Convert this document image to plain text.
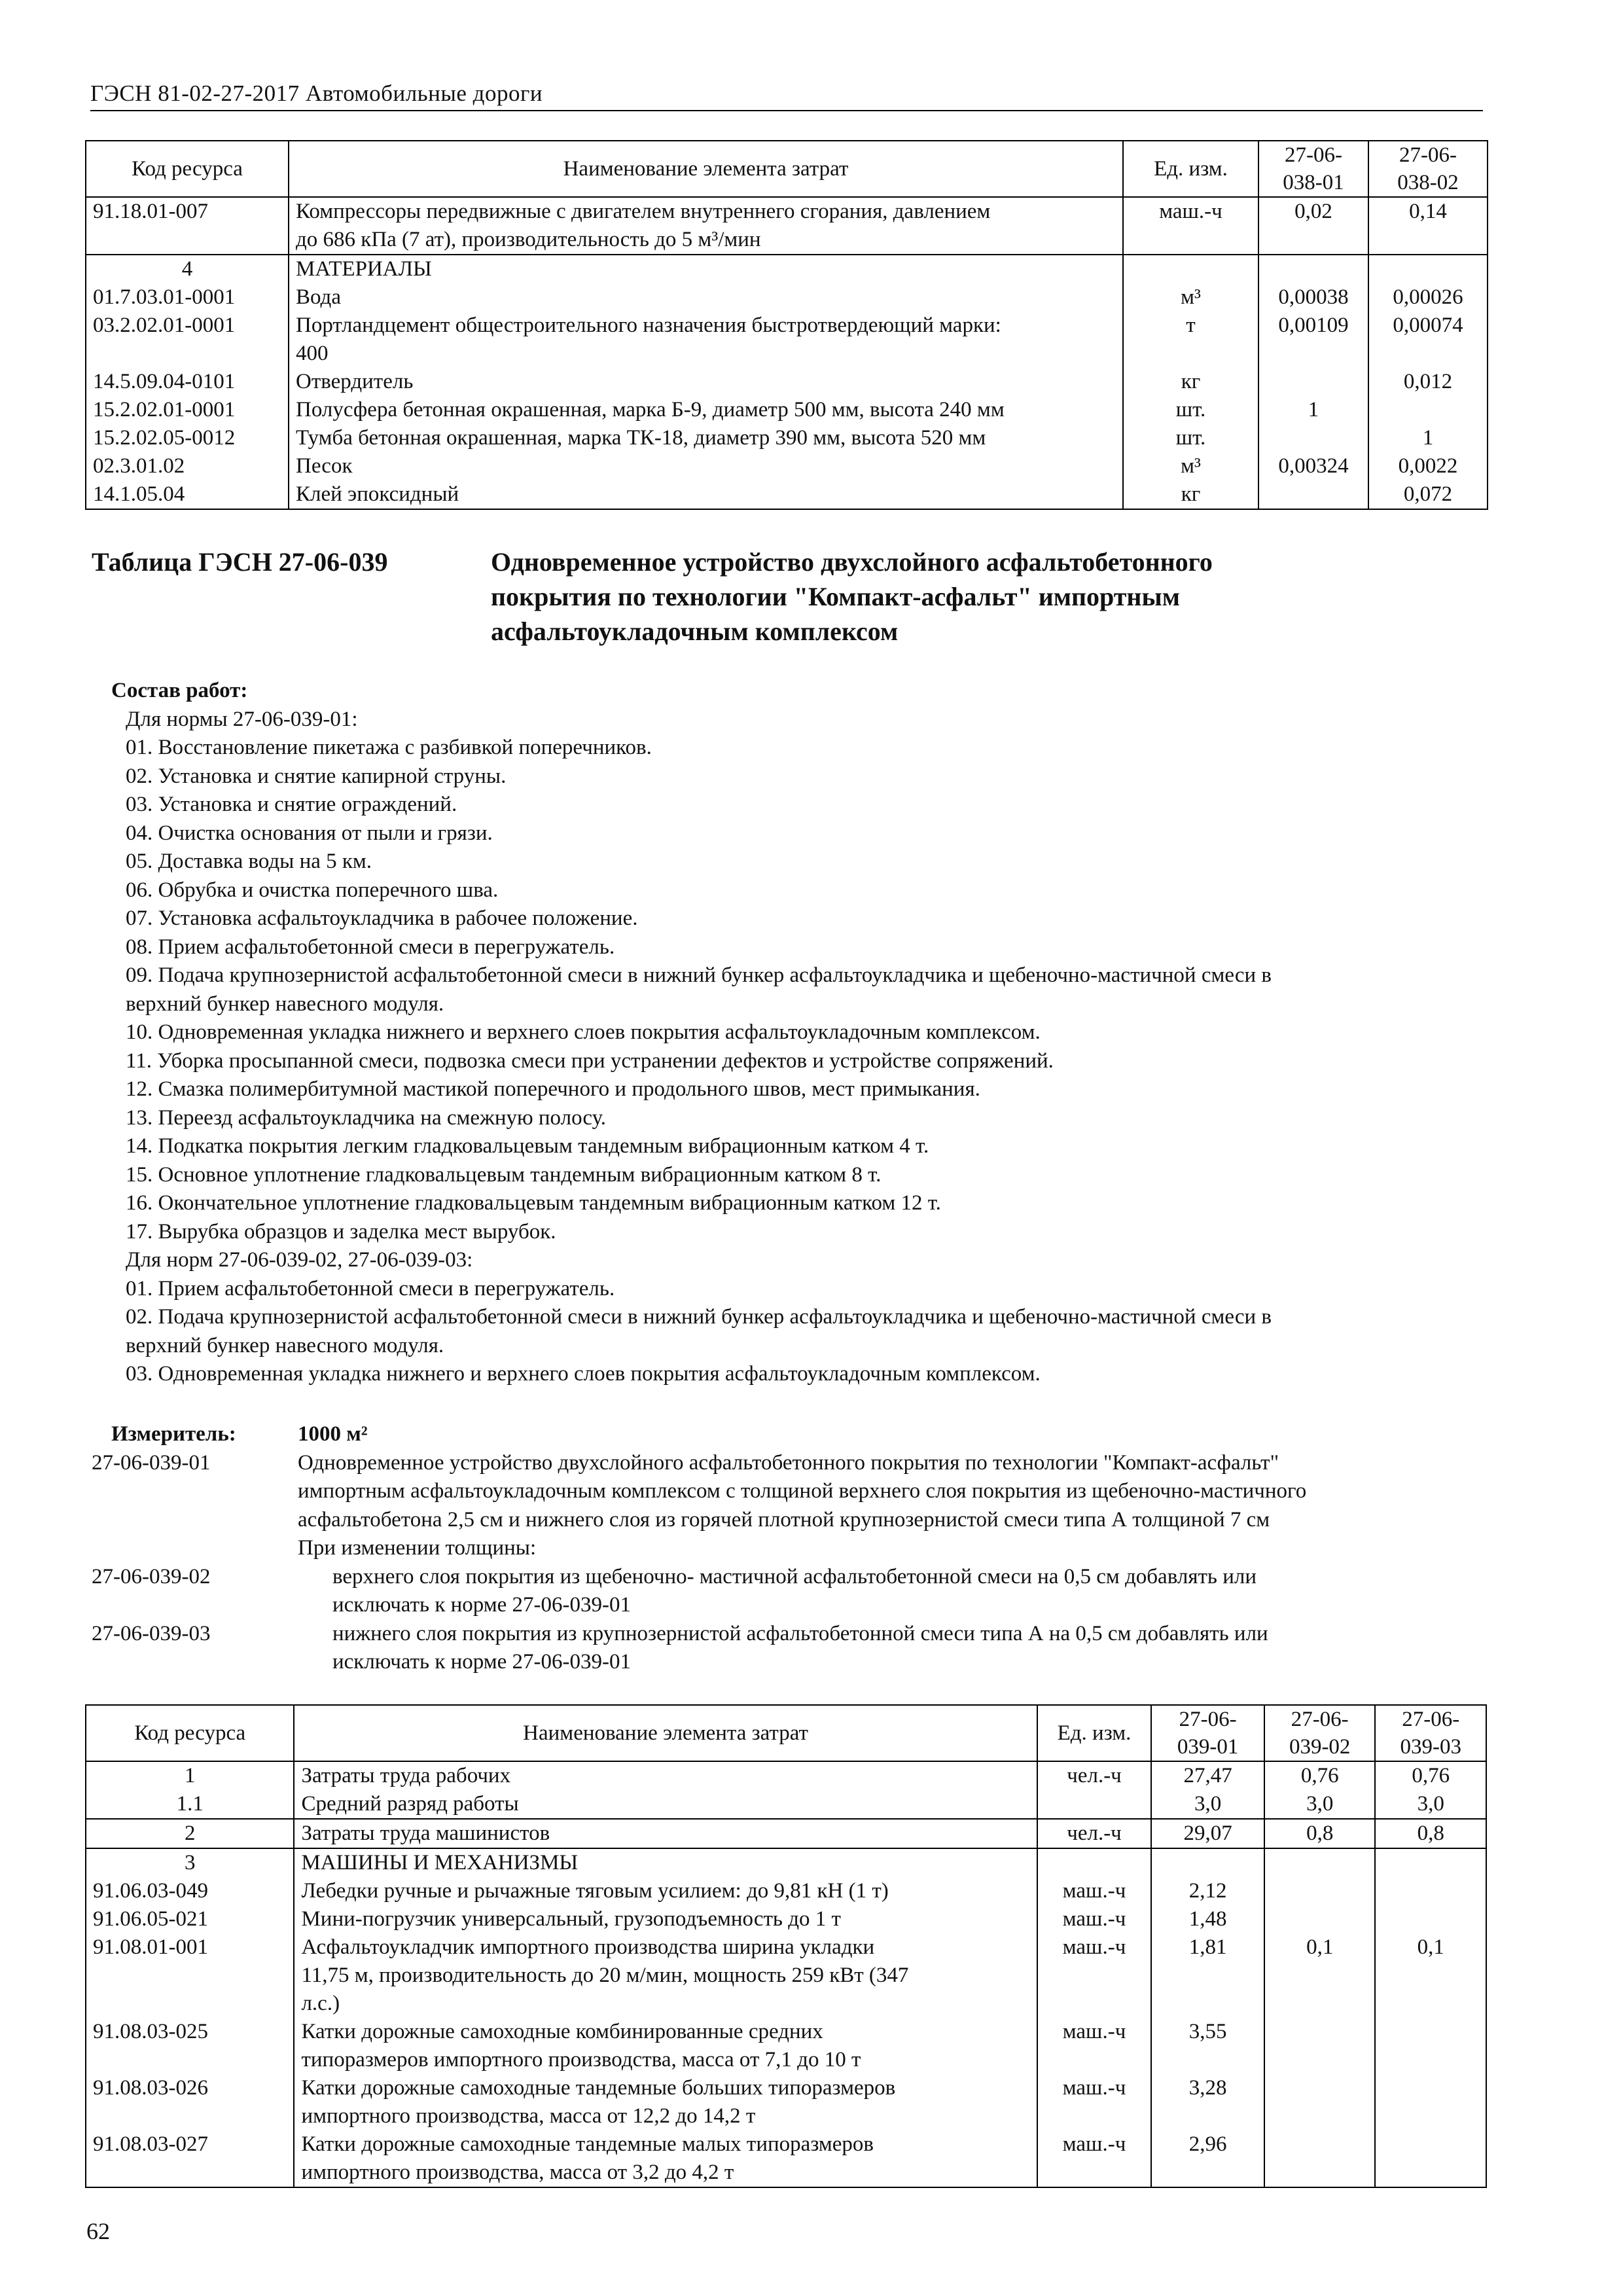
ГЭСН 81-02-27-2017 Автомобильные дороги
Код ресурса	Наименование элемента затрат	Ед. изм.	27-06-
038-01	27-06-
038-02
91.18.01-007	Компрессоры передвижные с двигателем внутреннего сгорания, давлением
до 686 кПа (7 ат), производительность до 5 м³/мин	маш.-ч	0,02	0,14
4	МАТЕРИАЛЫ			

01.7.03.01-0001	Вода	м³	0,00038	0,00026
03.2.02.01-0001	Портландцемент общестроительного назначения быстротвердеющий марки:
400	т	0,00109	0,00074
14.5.09.04-0101	Отвердитель	кг		0,012
15.2.02.01-0001	Полусфера бетонная окрашенная, марка Б-9, диаметр 500 мм, высота 240 мм	шт.	1	
15.2.02.05-0012	Тумба бетонная окрашенная, марка ТК-18, диаметр 390 мм, высота 520 мм	шт.		1
02.3.01.02	Песок	м³	0,00324	0,0022
14.1.05.04	Клей эпоксидный	кг		0,072
Таблица ГЭСН 27-06-039	Одновременное устройство двухслойного асфальтобетонного
покрытия по технологии "Компакт-асфальт" импортным
асфальтоукладочным комплексом
Состав работ:
Для нормы 27-06-039-01:
01. Восстановление пикетажа с разбивкой поперечников.
02. Установка и снятие капирной струны.
03. Установка и снятие ограждений.
04. Очистка основания от пыли и грязи.
05. Доставка воды на 5 км.
06. Обрубка и очистка поперечного шва.
07. Установка асфальтоукладчика в рабочее положение.
08. Прием асфальтобетонной смеси в перегружатель.
09. Подача крупнозернистой асфальтобетонной смеси в нижний бункер асфальтоукладчика и щебеночно-мастичной смеси в
верхний бункер навесного модуля.
10. Одновременная укладка нижнего и верхнего слоев покрытия асфальтоукладочным комплексом.
11. Уборка просыпанной смеси, подвозка смеси при устранении дефектов и устройстве сопряжений.
12. Смазка полимербитумной мастикой поперечного и продольного швов, мест примыкания.
13. Переезд асфальтоукладчика на смежную полосу.
14. Подкатка покрытия легким гладковальцевым тандемным вибрационным катком 4 т.
15. Основное уплотнение гладковальцевым тандемным вибрационным катком 8 т.
16. Окончательное уплотнение гладковальцевым тандемным вибрационным катком 12 т.
17. Вырубка образцов и заделка мест вырубок.
Для норм 27-06-039-02, 27-06-039-03:
01. Прием асфальтобетонной смеси в перегружатель.
02. Подача крупнозернистой асфальтобетонной смеси в нижний бункер асфальтоукладчика и щебеночно-мастичной смеси в
верхний бункер навесного модуля.
03. Одновременная укладка нижнего и верхнего слоев покрытия асфальтоукладочным комплексом.
Измеритель:	1000 м²
27-06-039-01	Одновременное устройство двухслойного асфальтобетонного покрытия по технологии "Компакт-асфальт"
импортным асфальтоукладочным комплексом с толщиной верхнего слоя покрытия из щебеночно-мастичного
асфальтобетона 2,5 см и нижнего слоя из горячей плотной крупнозернистой смеси типа А толщиной 7 см
При изменении толщины:
27-06-039-02	верхнего слоя покрытия из щебеночно- мастичной асфальтобетонной смеси на 0,5 см добавлять или
исключать к норме 27-06-039-01
27-06-039-03	нижнего слоя покрытия из крупнозернистой асфальтобетонной смеси типа А на 0,5 см добавлять или
исключать к норме 27-06-039-01
Код ресурса	Наименование элемента затрат	Ед. изм.	27-06-
039-01	27-06-
039-02	27-06-
039-03
1	Затраты труда рабочих	чел.-ч	27,47	0,76	0,76
1.1	Средний разряд работы		3,0	3,0	3,0
2	Затраты труда машинистов	чел.-ч	29,07	0,8	0,8
3	МАШИНЫ И МЕХАНИЗМЫ				

91.06.03-049	Лебедки ручные и рычажные тяговым усилием: до 9,81 кН (1 т)	маш.-ч	2,12		
91.06.05-021	Мини-погрузчик универсальный, грузоподъемность до 1 т	маш.-ч	1,48		
91.08.01-001	Асфальтоукладчик импортного производства ширина укладки
11,75 м, производительность до 20 м/мин, мощность 259 кВт (347
л.с.)	маш.-ч	1,81	0,1	0,1
91.08.03-025	Катки дорожные самоходные комбинированные средних
типоразмеров импортного производства, масса от 7,1 до 10 т	маш.-ч	3,55		
91.08.03-026	Катки дорожные самоходные тандемные больших типоразмеров
импортного производства, масса от 12,2 до 14,2 т	маш.-ч	3,28		
91.08.03-027	Катки дорожные самоходные тандемные малых типоразмеров
импортного производства, масса от 3,2 до 4,2 т	маш.-ч	2,96		
62
